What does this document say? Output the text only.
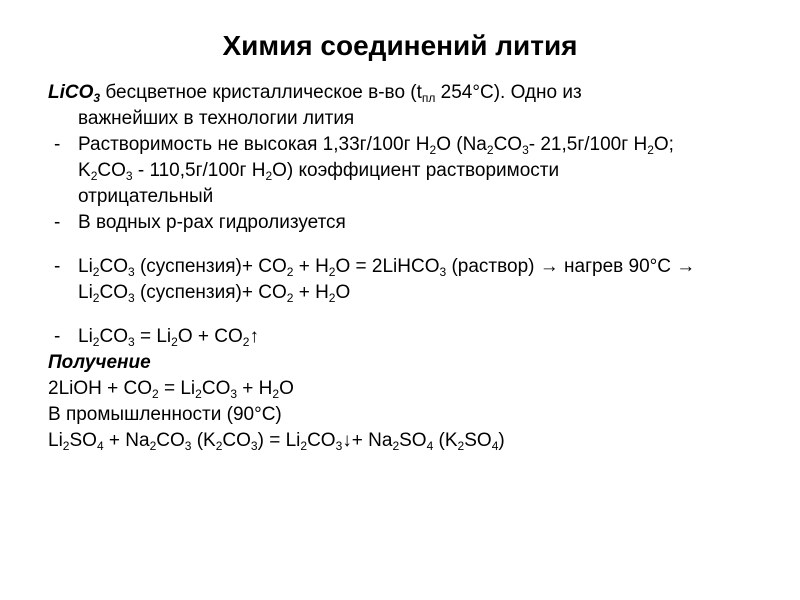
Химия соединений лития
LiCO$_3$ бесцветное кристаллическое в-во ($t_{пл}$ 254°С). Одно из
важнейших в технологии лития
- Растворимость не высокая 1,33г/100г $H_2O$ ($Na_2CO_3-$ 21,5г/100г $H_2O$;
$K_2CO_3 - 110,5г/100г$ $H_2O$) коэффициент растворимости
отрицательный
- В водных р-рах гидролизуется
- $Li_2CO_3$ (суспензия)+ $CO_2 + H_2O$ = 2LiHCO$_3$ (раствор) → нагрев 90°С →
$Li_2CO_3$ (суспензия)+ $CO_2 + H_2O$
- $Li_2CO_3 = Li_2O$ + $CO_2↑$
Получение
2LiOH + $CO_2 = Li_2CO_3 + H_2O$
В промышленности (90°С)
$Li_2SO_4 + Na_2CO_3$ $(K_2CO_3)$ = $Li_2CO_3↓+ Na_2SO_4$ $(K_2SO_4)$
